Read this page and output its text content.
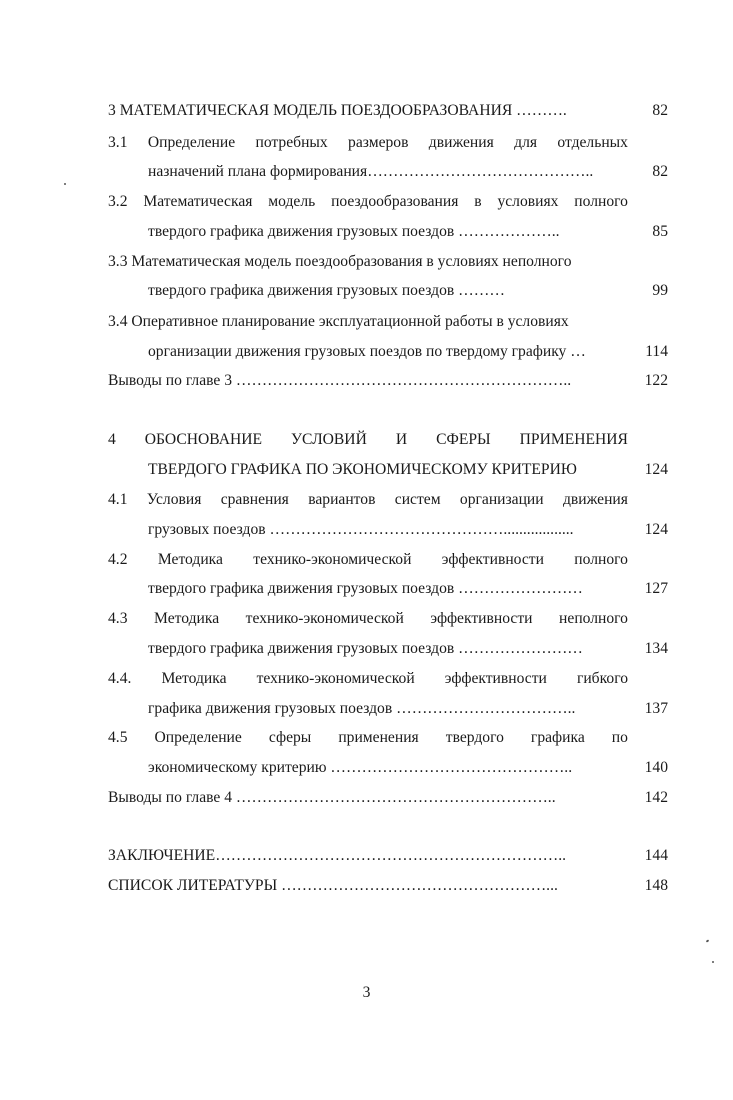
3 МАТЕМАТИЧЕСКАЯ МОДЕЛЬ ПОЕЗДООБРАЗОВАНИЯ ……….	82
3.1 Определение потребных размеров движения для отдельных
назначений плана формирования……………………………………..	82
3.2 Математическая модель поездообразования в условиях полного
твердого графика движения грузовых поездов ………………..	85
3.3 Математическая модель поездообразования в условиях неполного
твердого графика движения грузовых поездов ………	99
3.4 Оперативное планирование эксплуатационной работы в условиях
организации движения грузовых поездов по твердому графику …	114
Выводы по главе 3 ………………………………………………………..	122
4 ОБОСНОВАНИЕ УСЛОВИЙ И СФЕРЫ ПРИМЕНЕНИЯ
ТВЕРДОГО ГРАФИКА ПО ЭКОНОМИЧЕСКОМУ КРИТЕРИЮ	124
4.1 Условия сравнения вариантов систем организации движения
грузовых поездов ………………………………………..................	124
4.2 Методика технико-экономической эффективности полного
твердого графика движения грузовых поездов ……………………	127
4.3 Методика технико-экономической эффективности неполного
твердого графика движения грузовых поездов ……………………	134
4.4. Методика технико-экономической эффективности гибкого
графика движения грузовых поездов ……………………………..	137
4.5 Определение сферы применения твердого графика по
экономическому критерию ………………………………………..	140
Выводы по главе 4 ……………………………………………………..	142
ЗАКЛЮЧЕНИЕ…………………………………………………………..	144
СПИСОК ЛИТЕРАТУРЫ ……………………………………………...	148
3
